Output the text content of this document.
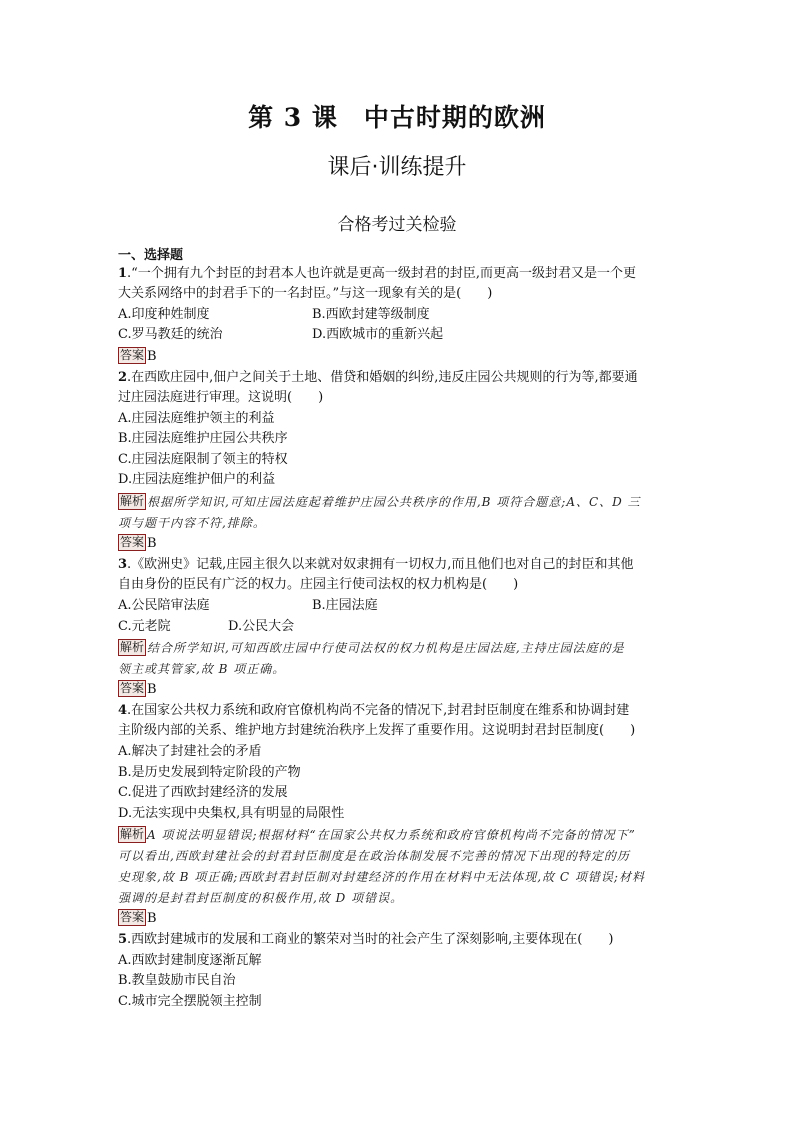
第 3 课　中古时期的欧洲
课后·训练提升
合格考过关检验
一、选择题
1.“一个拥有九个封臣的封君本人也许就是更高一级封君的封臣,而更高一级封君又是一个更
大关系网络中的封君手下的一名封臣。”与这一现象有关的是(　　)
A.印度种姓制度	B.西欧封建等级制度
C.罗马教廷的统治	D.西欧城市的重新兴起
答案 B
2.在西欧庄园中,佃户之间关于土地、借贷和婚姻的纠纷,违反庄园公共规则的行为等,都要通
过庄园法庭进行审理。这说明(　　)
A.庄园法庭维护领主的利益
B.庄园法庭维护庄园公共秩序
C.庄园法庭限制了领主的特权
D.庄园法庭维护佃户的利益
解析 根据所学知识,可知庄园法庭起着维护庄园公共秩序的作用,B 项符合题意;A、C、D 三
项与题干内容不符,排除。
答案 B
3.《欧洲史》记载,庄园主很久以来就对奴隶拥有一切权力,而且他们也对自己的封臣和其他
自由身份的臣民有广泛的权力。庄园主行使司法权的权力机构是(　　)
A.公民陪审法庭	B.庄园法庭
C.元老院	D.公民大会
解析 结合所学知识,可知西欧庄园中行使司法权的权力机构是庄园法庭,主持庄园法庭的是
领主或其管家,故 B 项正确。
答案 B
4.在国家公共权力系统和政府官僚机构尚不完备的情况下,封君封臣制度在维系和协调封建
主阶级内部的关系、维护地方封建统治秩序上发挥了重要作用。这说明封君封臣制度(　　)
A.解决了封建社会的矛盾
B.是历史发展到特定阶段的产物
C.促进了西欧封建经济的发展
D.无法实现中央集权,具有明显的局限性
解析 A 项说法明显错误;根据材料“在国家公共权力系统和政府官僚机构尚不完备的情况下”
可以看出,西欧封建社会的封君封臣制度是在政治体制发展不完善的情况下出现的特定的历
史现象,故 B 项正确;西欧封君封臣制对封建经济的作用在材料中无法体现,故 C 项错误;材料
强调的是封君封臣制度的积极作用,故 D 项错误。
答案 B
5.西欧封建城市的发展和工商业的繁荣对当时的社会产生了深刻影响,主要体现在(　　)
A.西欧封建制度逐渐瓦解
B.教皇鼓励市民自治
C.城市完全摆脱领主控制
